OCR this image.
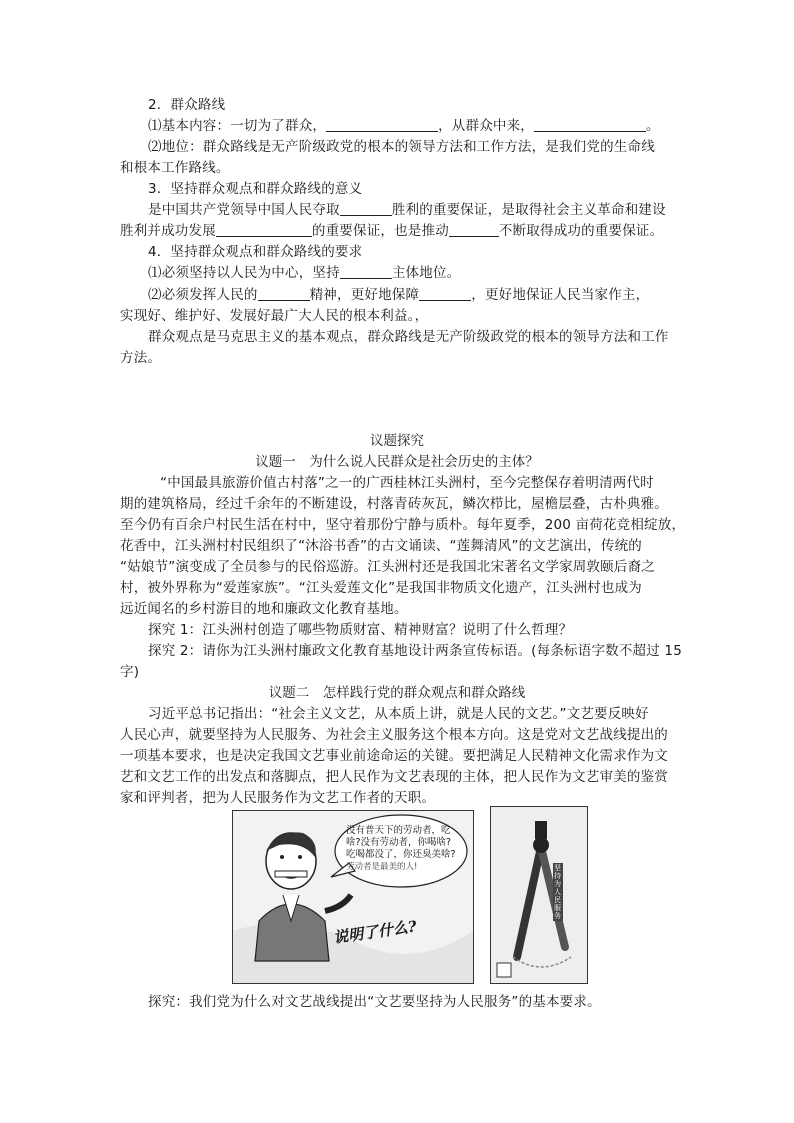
2．群众路线
⑴基本内容：一切为了群众，	，从群众中来，	。
⑵地位：群众路线是无产阶级政党的根本的领导方法和工作方法，是我们党的生命线
和根本工作路线。
3．坚持群众观点和群众路线的意义
是中国共产党领导中国人民夺取	胜利的重要保证，是取得社会主义革命和建设
胜利并成功发展	的重要保证，也是推动	不断取得成功的重要保证。
4．坚持群众观点和群众路线的要求
⑴必须坚持以人民为中心，坚持	主体地位。
⑵必须发挥人民的	精神，更好地保障	，更好地保证人民当家作主，
实现好、维护好、发展好最广大人民的根本利益。，
群众观点是马克思主义的基本观点，群众路线是无产阶级政党的根本的领导方法和工作
方法。
议题探究
议题一　为什么说人民群众是社会历史的主体？
“中国最具旅游价值古村落”之一的广西桂林江头洲村，至今完整保存着明清两代时
期的建筑格局，经过千余年的不断建设，村落青砖灰瓦，鳞次栉比，屋檐层叠，古朴典雅。
至今仍有百余户村民生活在村中，坚守着那份宁静与质朴。每年夏季，200 亩荷花竞相绽放，
花香中，江头洲村村民组织了“沐浴书香”的古文诵读、“莲舞清风”的文艺演出，传统的
“姑娘节”演变成了全员参与的民俗巡游。江头洲村还是我国北宋著名文学家周敦颐后裔之
村，被外界称为“爱莲家族”。“江头爱莲文化”是我国非物质文化遗产，江头洲村也成为
远近闻名的乡村游目的地和廉政文化教育基地。
探究 1：江头洲村创造了哪些物质财富、精神财富？说明了什么哲理？
探究 2：请你为江头洲村廉政文化教育基地设计两条宣传标语。(每条标语字数不超过 15
字)
议题二　怎样践行党的群众观点和群众路线
习近平总书记指出：“社会主义文艺，从本质上讲，就是人民的文艺。”文艺要反映好
人民心声，就要坚持为人民服务、为社会主义服务这个根本方向。这是党对文艺战线提出的
一项基本要求，也是决定我国文艺事业前途命运的关键。要把满足人民精神文化需求作为文
艺和文艺工作的出发点和落脚点，把人民作为文艺表现的主体，把人民作为文艺审美的鉴赏
家和评判者，把为人民服务作为文艺工作者的天职。
没有普天下的劳动者，吃
啥?没有劳动者，你喝啥?
吃喝都没了，你还臭美啥?
劳动者是最美的人!
说明了什么?
坚持为人民服务
探究：我们党为什么对文艺战线提出“文艺要坚持为人民服务”的基本要求。
